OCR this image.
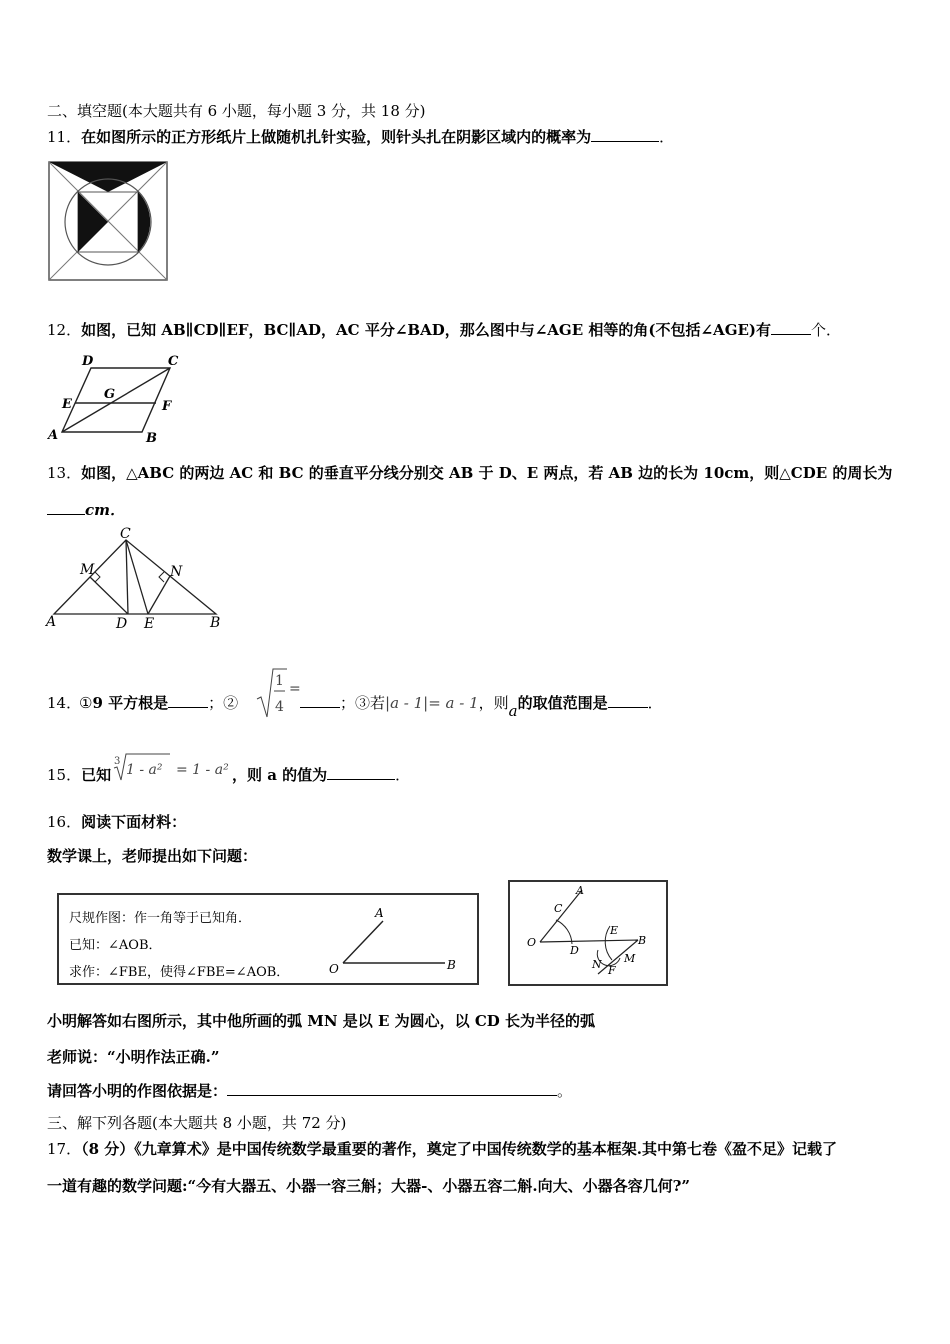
二、填空题(本大题共有 6 小题，每小题 3 分，共 18 分)
11．在如图所示的正方形纸片上做随机扎针实验，则针头扎在阴影区域内的概率为	．
12．如图，已知 AB∥CD∥EF，BC∥AD，AC 平分∠BAD，那么图中与∠AGE 相等的角(不包括∠AGE)有	个．
D	C
G
E	F
A	B
13．如图，△ABC 的两边 AC 和 BC 的垂直平分线分别交 AB 于 D、E 两点，若 AB 边的长为 10cm，则△CDE 的周长为
cm．
C
M	N
A	D E	B
14．
①9 平方根是	；②
1
4
=
；③若|a - 1|= a - 1，则a的取值范围是	．
15．已知
3
1 - a² = 1 - a² ，则 a 的值为	．
16．阅读下面材料：
数学课上，老师提出如下问题：
尺规作图：作一角等于已知角．
已知：∠AOB．
求作：∠FBE，使得∠FBE=∠AOB．
A
O	B
A
C
O
D
E
B
N M
F
小明解答如右图所示，其中他所画的弧 MN 是以 E 为圆心，以 CD 长为半径的弧
老师说：“小明作法正确.”
请回答小明的作图依据是：	。
三、解下列各题(本大题共 8 小题，共 72 分)
17．（8 分）《九章算术》是中国传统数学最重要的著作，奠定了中国传统数学的基本框架.其中第七卷《盈不足》记载了
一道有趣的数学问题:“今有大器五、小器一容三斛；大器-、小器五容二斛.向大、小器各容几何?”
